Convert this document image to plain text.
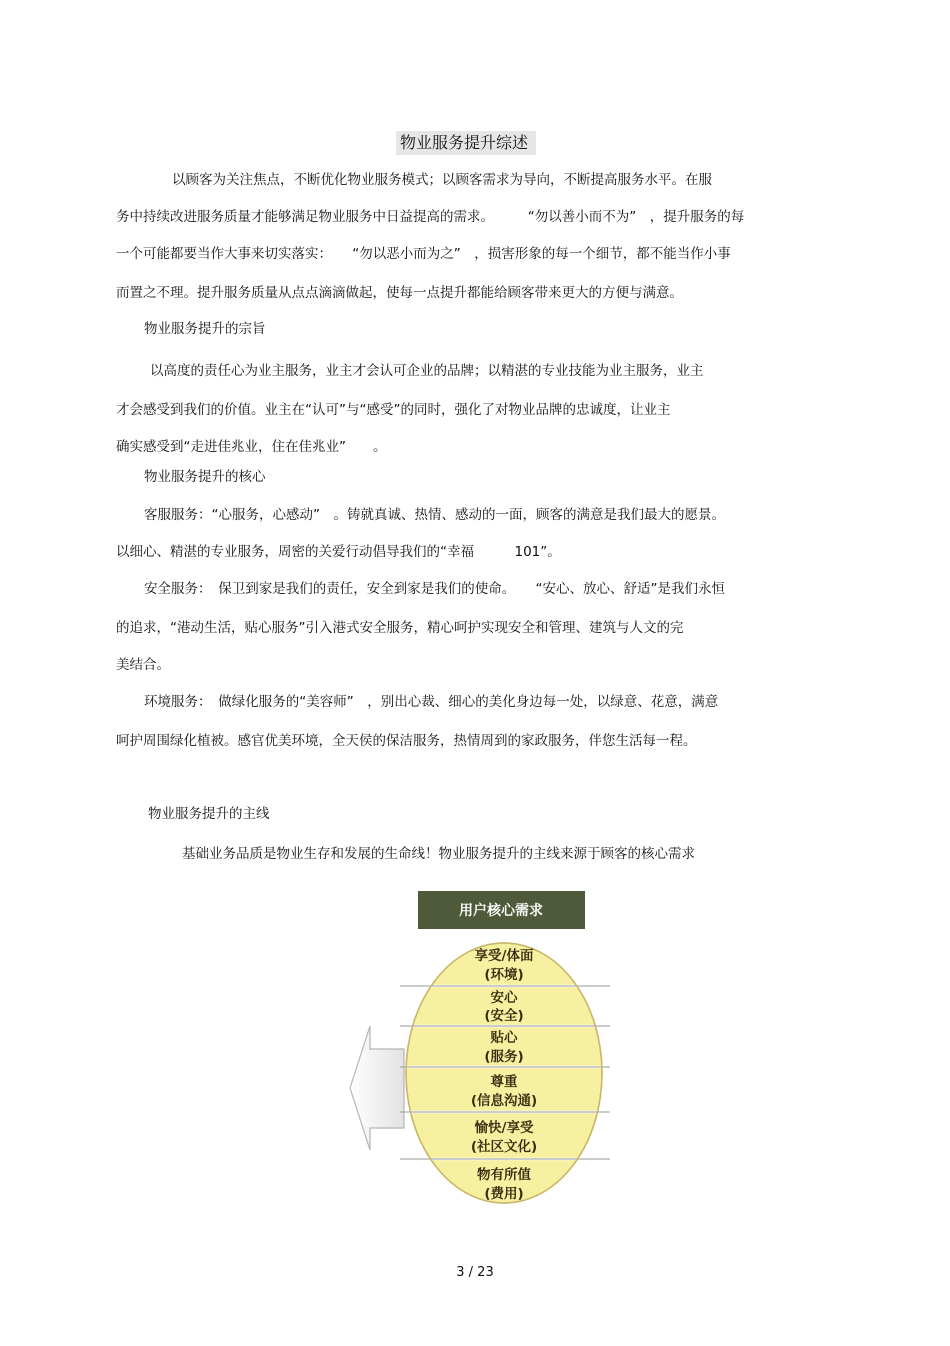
物业服务提升综述
以顾客为关注焦点，不断优化物业服务模式；以顾客需求为导向，不断提高服务水平。在服
务中持续改进服务质量才能够满足物业服务中日益提高的需求。　　　“勿以善小而不为”　，提升服务的每
一个可能都要当作大事来切实落实：　　“勿以恶小而为之”　，损害形象的每一个细节，都不能当作小事
而置之不理。提升服务质量从点点滴滴做起，使每一点提升都能给顾客带来更大的方便与满意。
物业服务提升的宗旨
以高度的责任心为业主服务，业主才会认可企业的品牌；以精湛的专业技能为业主服务，业主
才会感受到我们的价值。业主在“认可”与“感受”的同时，强化了对物业品牌的忠诚度，让业主
确实感受到“走进佳兆业，住在佳兆业”　　。
物业服务提升的核心
客服服务：“心服务，心感动”　。铸就真诚、热情、感动的一面，顾客的满意是我们最大的愿景。
以细心、精湛的专业服务，周密的关爱行动倡导我们的“幸福　　　101”。
安全服务：　保卫到家是我们的责任，安全到家是我们的使命。　　“安心、放心、舒适”是我们永恒
的追求，“港动生活，贴心服务”引入港式安全服务，精心呵护实现安全和管理、建筑与人文的完
美结合。
环境服务：　做绿化服务的“美容师”　，别出心裁、细心的美化身边每一处，以绿意、花意，满意
呵护周围绿化植被。感官优美环境，全天侯的保洁服务，热情周到的家政服务，伴您生活每一程。
物业服务提升的主线
基础业务品质是物业生存和发展的生命线！物业服务提升的主线来源于顾客的核心需求
用户核心需求
享受/体面
(环境)
安心
(安全)
贴心
(服务)
尊重
(信息沟通)
愉快/享受
(社区文化)
物有所值
(费用)
3 / 23
